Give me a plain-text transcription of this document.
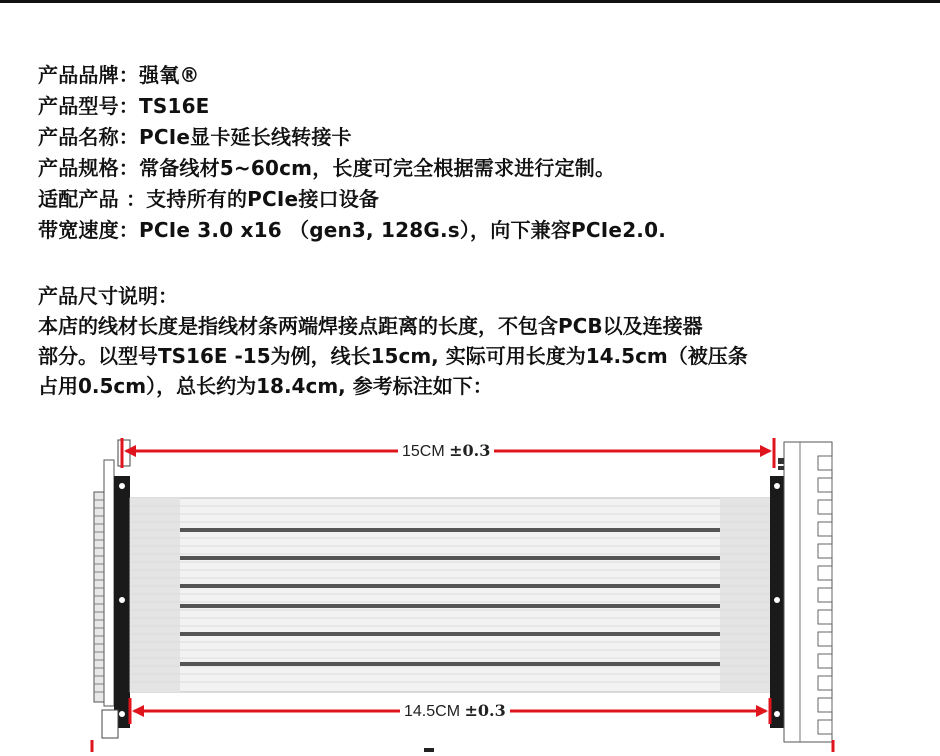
产品品牌：强氧®
产品型号：TS16E
产品名称：PCIe显卡延长线转接卡
产品规格：常备线材5~60cm，长度可完全根据需求进行定制。
适配产品 ：支持所有的PCIe接口设备
带宽速度：PCIe 3.0 x16 （gen3, 128G.s），向下兼容PCIe2.0.
产品尺寸说明：
本店的线材长度是指线材条两端焊接点距离的长度，不包含PCB以及连接器
部分。以型号TS16E -15为例，线长15cm, 实际可用长度为14.5cm（被压条
占用0.5cm），总长约为18.4cm, 参考标注如下：
15CM ±0.3
14.5CM ±0.3
